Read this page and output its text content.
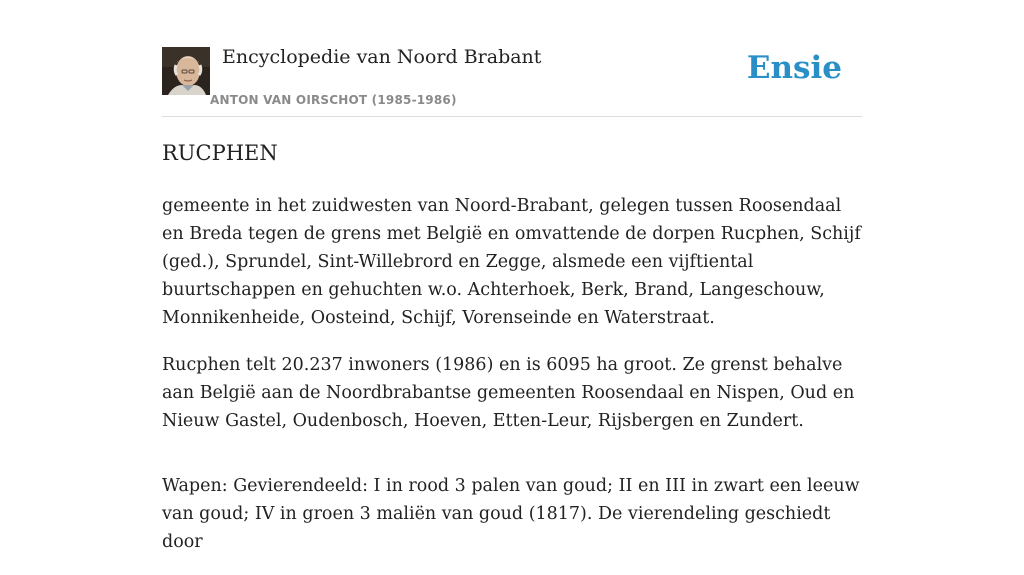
Encyclopedie van Noord Brabant
ANTON VAN OIRSCHOT (1985-1986)
Ensie
RUCPHEN

gemeente in het zuidwesten van Noord-Brabant, gelegen tussen Roosendaal en Breda tegen de grens met België en omvattende de dorpen Rucphen, Schijf (ged.), Sprundel, Sint-Willebrord en Zegge, alsmede een vijftiental buurtschappen en gehuchten w.o. Achterhoek, Berk, Brand, Langeschouw, Monnikenheide, Oosteind, Schijf, Vorenseinde en Waterstraat.

Rucphen telt 20.237 inwoners (1986) en is 6095 ha groot. Ze grenst behalve aan België aan de Noordbrabantse gemeenten Roosendaal en Nispen, Oud en Nieuw Gastel, Oudenbosch, Hoeven, Etten-Leur, Rijsbergen en Zundert.

Wapen: Gevierendeeld: I in rood 3 palen van goud; II en III in zwart een leeuw van goud; IV in groen 3 maliën van goud (1817). De vierendeling geschiedt door
